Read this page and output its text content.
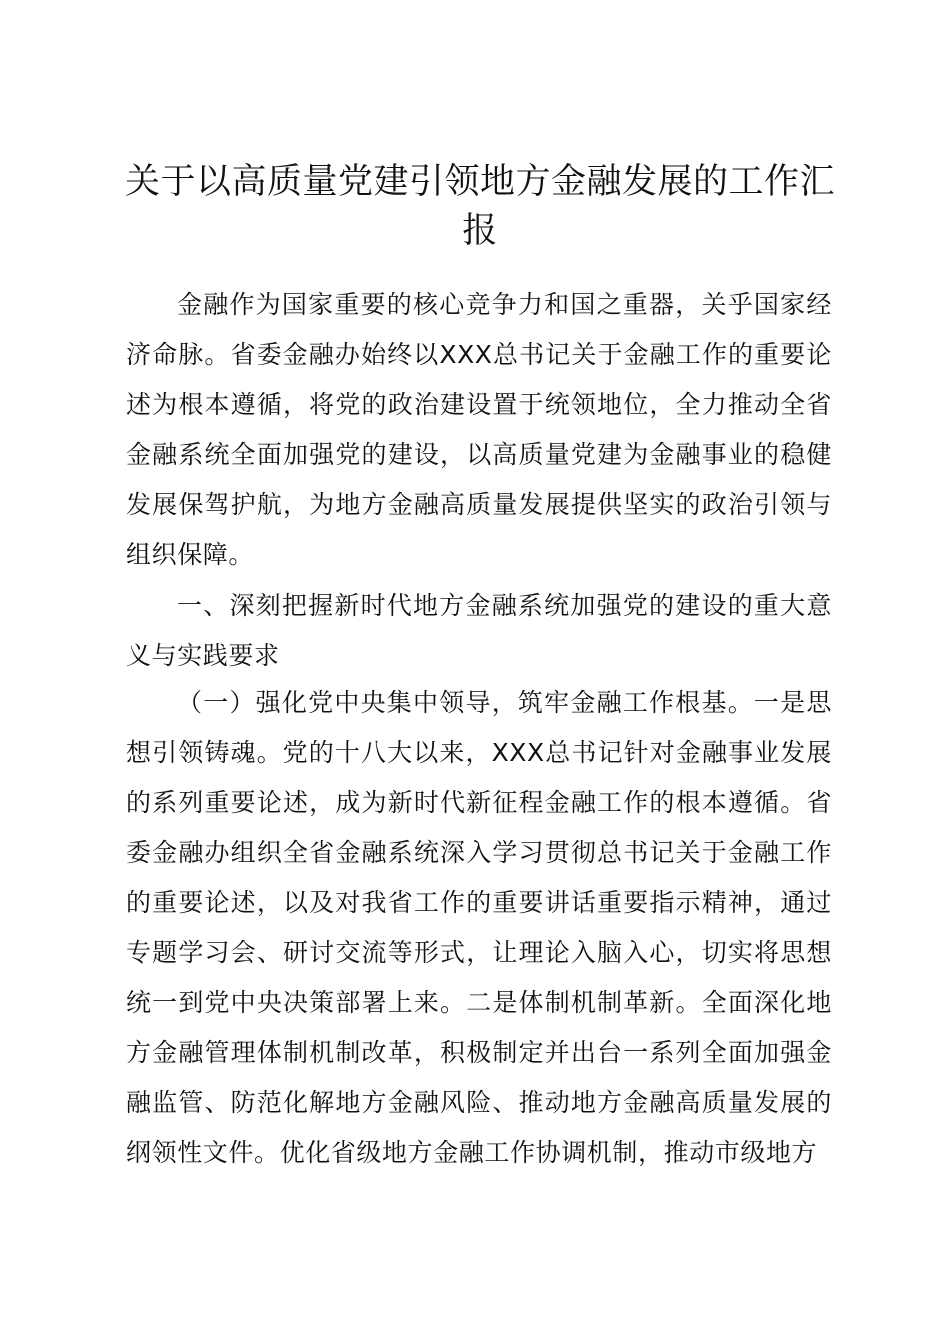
关于以高质量党建引领地方金融发展的工作汇报

金融作为国家重要的核心竞争力和国之重器，关乎国家经济命脉。省委金融办始终以XXX总书记关于金融工作的重要论述为根本遵循，将党的政治建设置于统领地位，全力推动全省金融系统全面加强党的建设，以高质量党建为金融事业的稳健发展保驾护航，为地方金融高质量发展提供坚实的政治引领与组织保障。

一、深刻把握新时代地方金融系统加强党的建设的重大意义与实践要求

（一）强化党中央集中领导，筑牢金融工作根基。一是思想引领铸魂。党的十八大以来，XXX总书记针对金融事业发展的系列重要论述，成为新时代新征程金融工作的根本遵循。省委金融办组织全省金融系统深入学习贯彻总书记关于金融工作的重要论述，以及对我省工作的重要讲话重要指示精神，通过专题学习会、研讨交流等形式，让理论入脑入心，切实将思想统一到党中央决策部署上来。二是体制机制革新。全面深化地方金融管理体制机制改革，积极制定并出台一系列全面加强金融监管、防范化解地方金融风险、推动地方金融高质量发展的纲领性文件。优化省级地方金融工作协调机制，推动市级地方
